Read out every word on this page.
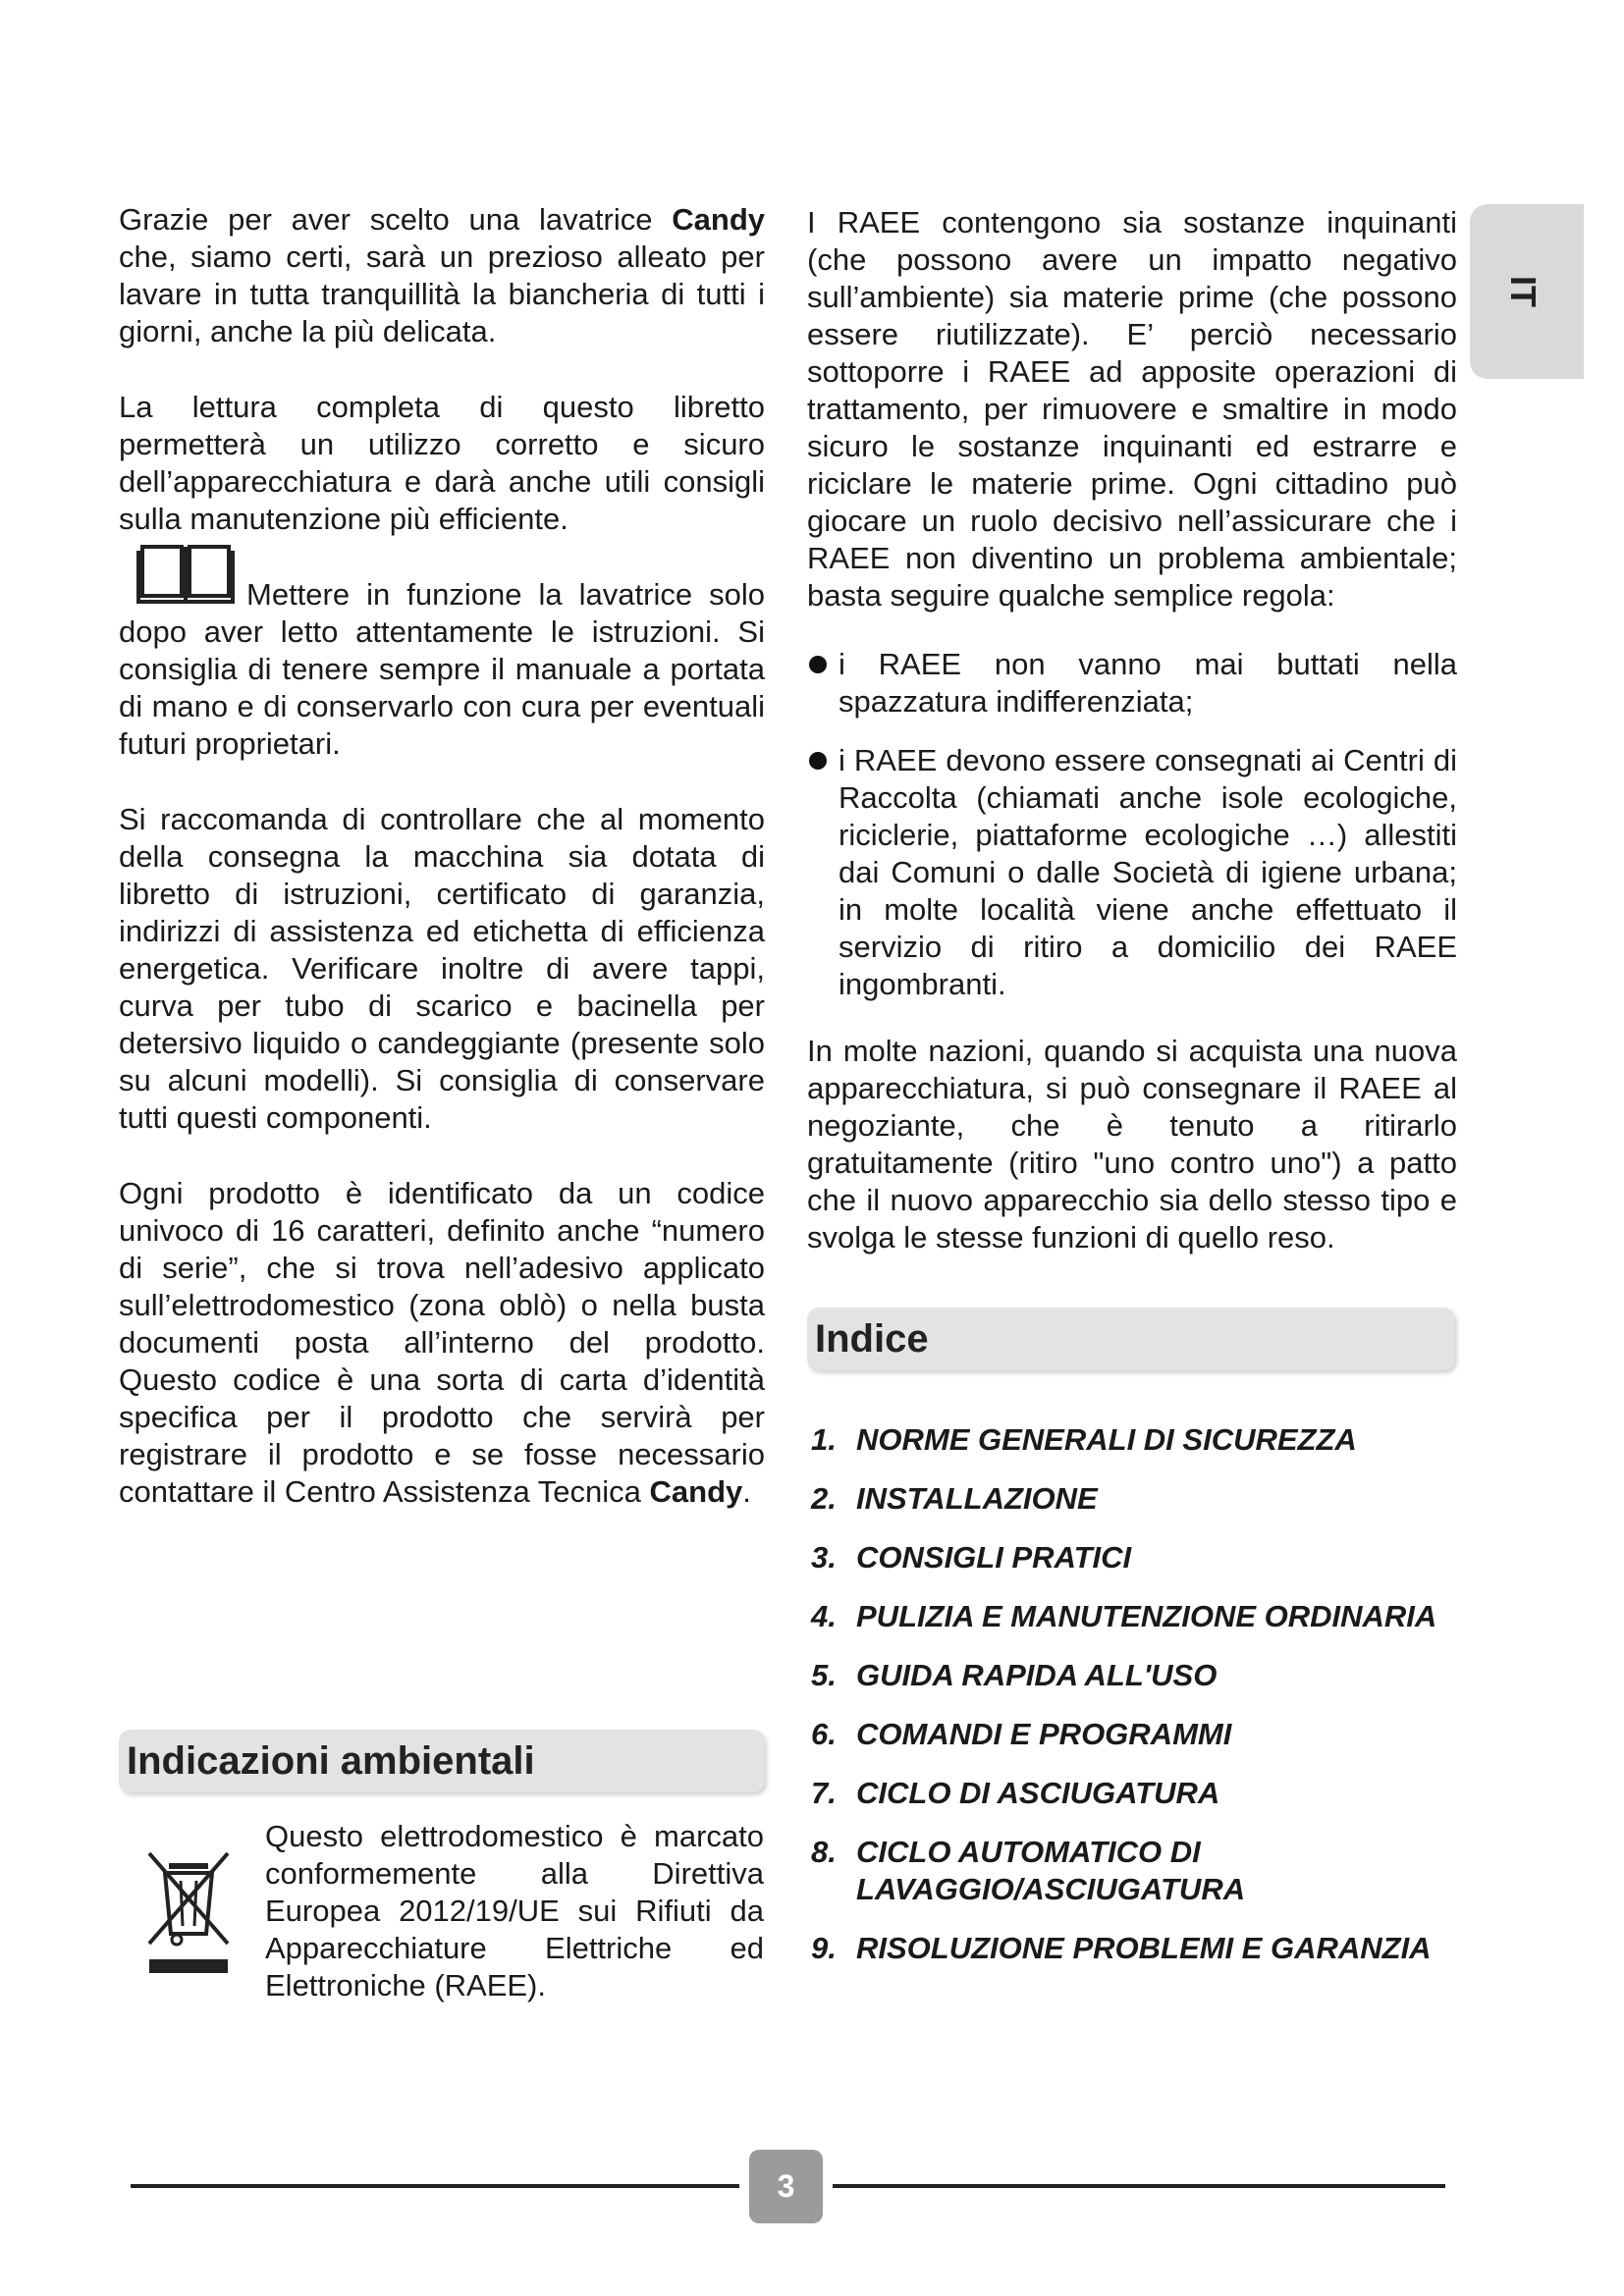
IT

Grazie per aver scelto una lavatrice Candy che, siamo certi, sarà un prezioso alleato per lavare in tutta tranquillità la biancheria di tutti i giorni, anche la più delicata.

La lettura completa di questo libretto permetterà un utilizzo corretto e sicuro dell’apparecchiatura e darà anche utili consigli sulla manutenzione più efficiente.

Mettere in funzione la lavatrice solo dopo aver letto attentamente le istruzioni. Si consiglia di tenere sempre il manuale a portata di mano e di conservarlo con cura per eventuali futuri proprietari.

Si raccomanda di controllare che al momento della consegna la macchina sia dotata di libretto di istruzioni, certificato di garanzia, indirizzi di assistenza ed etichetta di efficienza energetica. Verificare inoltre di avere tappi, curva per tubo di scarico e bacinella per detersivo liquido o candeggiante (presente solo su alcuni modelli). Si consiglia di conservare tutti questi componenti.

Ogni prodotto è identificato da un codice univoco di 16 caratteri, definito anche “numero di serie”, che si trova nell’adesivo applicato sull’elettrodomestico (zona oblò) o nella busta documenti posta all’interno del prodotto. Questo codice è una sorta di carta d’identità specifica per il prodotto che servirà per registrare il prodotto e se fosse necessario contattare il Centro Assistenza Tecnica Candy.

Indicazioni ambientali

Questo elettrodomestico è marcato conformemente alla Direttiva Europea 2012/19/UE sui Rifiuti da Apparecchiature Elettriche ed Elettroniche (RAEE).

I RAEE contengono sia sostanze inquinanti (che possono avere un impatto negativo sull’ambiente) sia materie prime (che possono essere riutilizzate). E’ perciò necessario sottoporre i RAEE ad apposite operazioni di trattamento, per rimuovere e smaltire in modo sicuro le sostanze inquinanti ed estrarre e riciclare le materie prime. Ogni cittadino può giocare un ruolo decisivo nell’assicurare che i RAEE non diventino un problema ambientale; basta seguire qualche semplice regola:

i RAEE non vanno mai buttati nella spazzatura indifferenziata;

i RAEE devono essere consegnati ai Centri di Raccolta (chiamati anche isole ecologiche, riciclerie, piattaforme ecologiche …) allestiti dai Comuni o dalle Società di igiene urbana; in molte località viene anche effettuato il servizio di ritiro a domicilio dei RAEE ingombranti.

In molte nazioni, quando si acquista una nuova apparecchiatura, si può consegnare il RAEE al negoziante, che è tenuto a ritirarlo gratuitamente (ritiro "uno contro uno") a patto che il nuovo apparecchio sia dello stesso tipo e svolga le stesse funzioni di quello reso.

Indice
1. NORME GENERALI DI SICUREZZA
2. INSTALLAZIONE
3. CONSIGLI PRATICI
4. PULIZIA E MANUTENZIONE ORDINARIA
5. GUIDA RAPIDA ALL'USO
6. COMANDI E PROGRAMMI
7. CICLO DI ASCIUGATURA
8. CICLO AUTOMATICO DI LAVAGGIO/ASCIUGATURA
9. RISOLUZIONE PROBLEMI E GARANZIA
3
